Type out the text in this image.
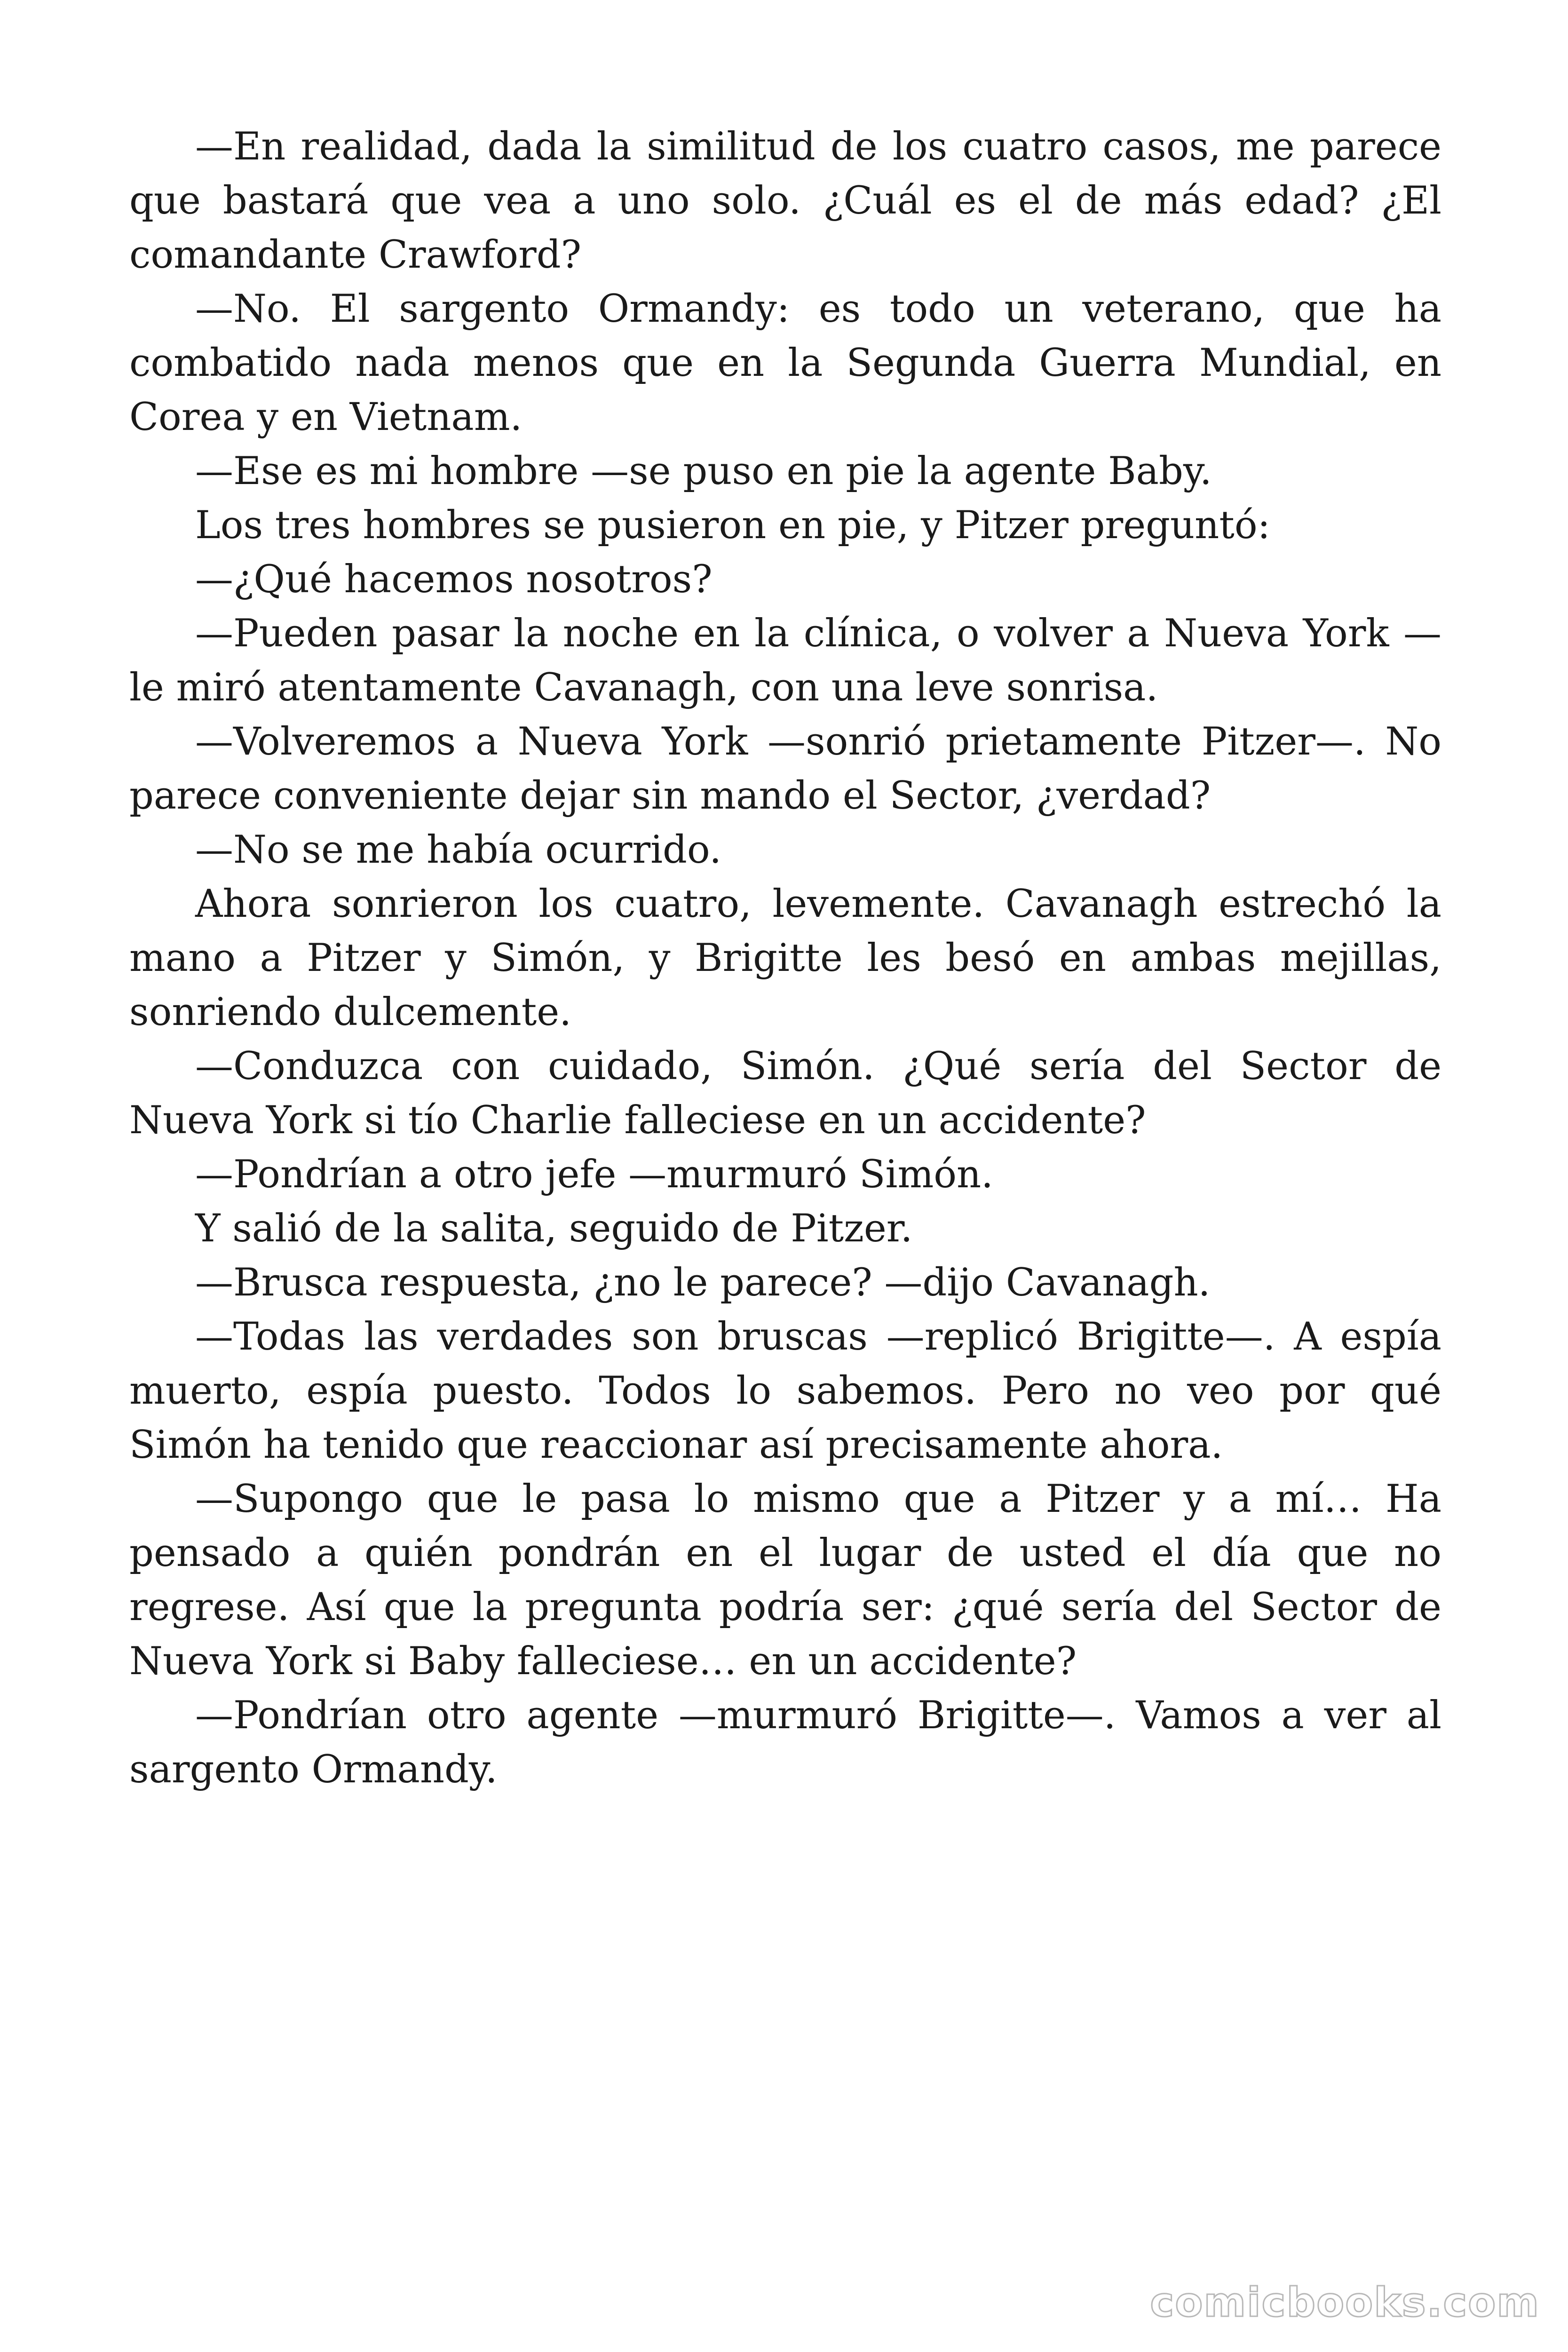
—En realidad, dada la similitud de los cuatro casos, me parece que bastará que vea a uno solo. ¿Cuál es el de más edad? ¿El comandante Crawford?

—No. El sargento Ormandy: es todo un veterano, que ha combatido nada menos que en la Segunda Guerra Mundial, en Corea y en Vietnam.

—Ese es mi hombre —se puso en pie la agente Baby.

Los tres hombres se pusieron en pie, y Pitzer preguntó:

—¿Qué hacemos nosotros?

—Pueden pasar la noche en la clínica, o volver a Nueva York —le miró atentamente Cavanagh, con una leve sonrisa.

—Volveremos a Nueva York —sonrió prietamente Pitzer—. No parece conveniente dejar sin mando el Sector, ¿verdad?

—No se me había ocurrido.

Ahora sonrieron los cuatro, levemente. Cavanagh estrechó la mano a Pitzer y Simón, y Brigitte les besó en ambas mejillas, sonriendo dulcemente.

—Conduzca con cuidado, Simón. ¿Qué sería del Sector de Nueva York si tío Charlie falleciese en un accidente?

—Pondrían a otro jefe —murmuró Simón.

Y salió de la salita, seguido de Pitzer.

—Brusca respuesta, ¿no le parece? —dijo Cavanagh.

—Todas las verdades son bruscas —replicó Brigitte—. A espía muerto, espía puesto. Todos lo sabemos. Pero no veo por qué Simón ha tenido que reaccionar así precisamente ahora.

—Supongo que le pasa lo mismo que a Pitzer y a mí… Ha pensado a quién pondrán en el lugar de usted el día que no regrese. Así que la pregunta podría ser: ¿qué sería del Sector de Nueva York si Baby falleciese… en un accidente?

—Pondrían otro agente —murmuró Brigitte—. Vamos a ver al sargento Ormandy.

comicbooks.com
